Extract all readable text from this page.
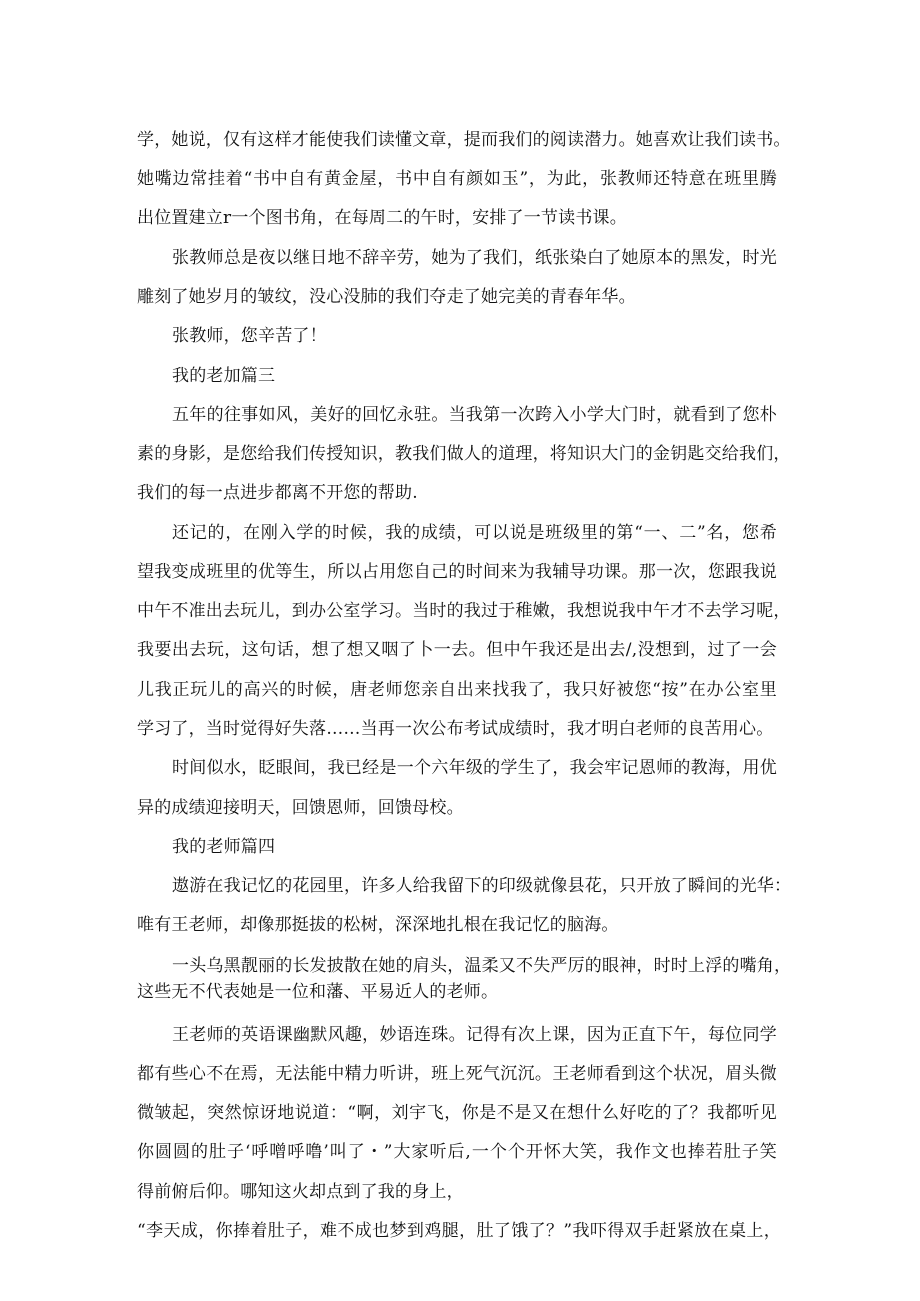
学，她说，仅有这样才能使我们读懂文章，提而我们的阅读潜力。她喜欢让我们读书。

她嘴边常挂着“书中自有黄金屋，书中自有颜如玉”，为此，张教师还特意在班里腾

出位置建立r一个图书角，在每周二的午时，安排了一节读书课。

张教师总是夜以继日地不辞辛劳，她为了我们，纸张染白了她原本的黑发，时光

雕刻了她岁月的皱纹，没心没肺的我们夺走了她完美的青春年华。

张教师，您辛苦了！

我的老加篇三

五年的往事如风，美好的回忆永驻。当我第一次跨入小学大门时，就看到了您朴

素的身影，是您给我们传授知识，教我们做人的道理，将知识大门的金钥匙交给我们，

我们的每一点进步都离不开您的帮助.

还记的，在刚入学的时候，我的成绩，可以说是班级里的第“一、二”名，您希

望我变成班里的优等生，所以占用您自己的时间来为我辅导功课。那一次，您跟我说

中午不准出去玩儿，到办公室学习。当时的我过于稚嫩，我想说我中午才不去学习呢，

我要出去玩，这句话，想了想又咽了卜一去。但中午我还是出去/,没想到，过了一会

儿我正玩儿的高兴的时候，唐老师您亲自出来找我了，我只好被您“按”在办公室里

学习了，当时觉得好失落……当再一次公布考试成绩时，我才明白老师的良苦用心。

时间似水，眨眼间，我已经是一个六年级的学生了，我会牢记恩师的教海，用优

异的成绩迎接明天，回馈恩师，回馈母校。

我的老师篇四

遨游在我记忆的花园里，许多人给我留下的印级就像县花，只开放了瞬间的光华：

唯有王老师，却像那挺拔的松树，深深地扎根在我记忆的脑海。

一头乌黑靓丽的长发披散在她的肩头，温柔又不失严厉的眼神，时时上浮的嘴角，

这些无不代表她是一位和藩、平易近人的老师。

王老师的英语课幽默风趣，妙语连珠。记得有次上课，因为正直下午，每位同学

都有些心不在焉，无法能中精力听讲，班上死气沉沉。王老师看到这个状况，眉头微

微皱起，突然惊讶地说道：“啊，刘宇飞，你是不是又在想什么好吃的了？我都听见

你圆圆的肚子‘呼噌呼噜’叫了・”大家听后,一个个开怀大笑，我作文也捧若肚子笑

得前俯后仰。哪知这火却点到了我的身上，

“李天成，你捧着肚子，难不成也梦到鸡腿，肚了饿了？”我吓得双手赶紧放在桌上，
